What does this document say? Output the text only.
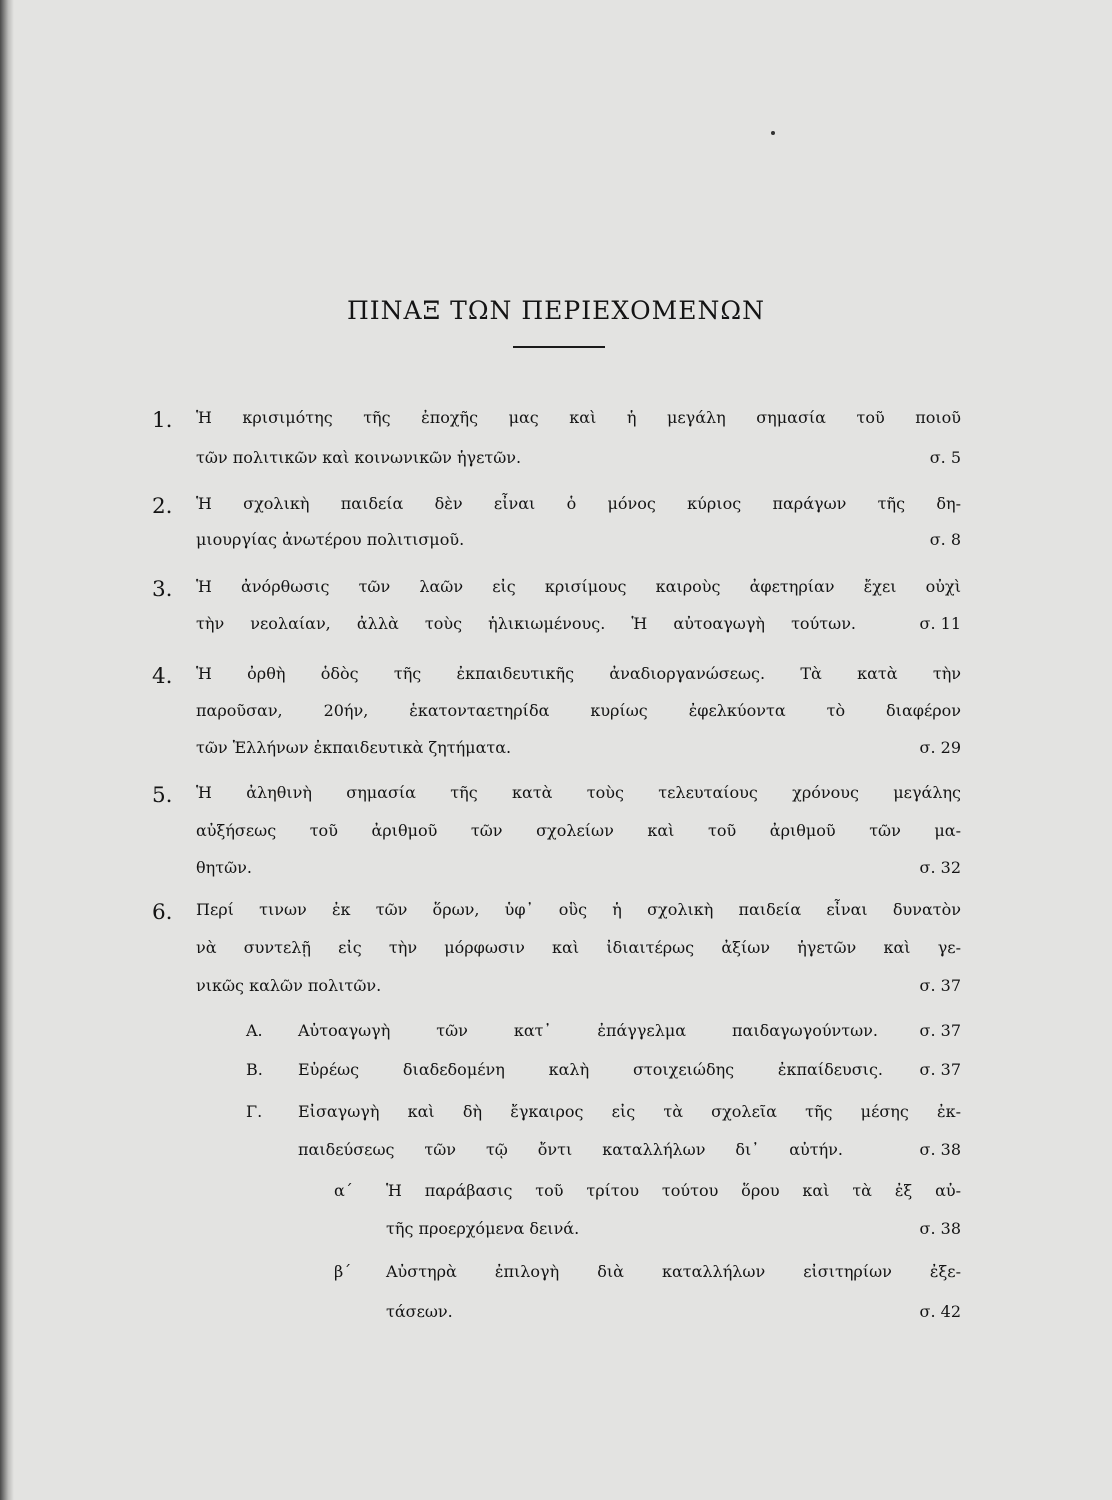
ΠΙΝΑΞ ΤΩΝ ΠΕΡΙΕΧΟΜΕΝΩΝ
1.	Ἡ κρισιμότης τῆς ἐποχῆς μας καὶ ἡ μεγάλη σημασία τοῦ ποιοῦ
τῶν πολιτικῶν καὶ κοινωνικῶν ἡγετῶν.	σ. 5
2.	Ἡ σχολικὴ παιδεία δὲν εἶναι ὁ μόνος κύριος παράγων τῆς δη-
μιουργίας ἀνωτέρου πολιτισμοῦ.	σ. 8
3.	Ἡ ἀνόρθωσις τῶν λαῶν εἰς κρισίμους καιροὺς ἀφετηρίαν ἔχει οὐχὶ
τὴν νεολαίαν, ἀλλὰ τοὺς ἡλικιωμένους. Ἡ αὐτοαγωγὴ τούτων.	σ. 11
4.	Ἡ ὀρθὴ ὁδὸς τῆς ἐκπαιδευτικῆς ἀναδιοργανώσεως. Τὰ κατὰ τὴν
παροῦσαν, 20ήν, ἑκατονταετηρίδα κυρίως ἐφελκύοντα τὸ διαφέρον
τῶν Ἑλλήνων ἐκπαιδευτικὰ ζητήματα.	σ. 29
5.	Ἡ ἀληθινὴ σημασία τῆς κατὰ τοὺς τελευταίους χρόνους μεγάλης
αὐξήσεως τοῦ ἀριθμοῦ τῶν σχολείων καὶ τοῦ ἀριθμοῦ τῶν μα-
θητῶν.	σ. 32
6.	Περί τινων ἐκ τῶν ὅρων, ὑφ᾽ οὓς ἡ σχολικὴ παιδεία εἶναι δυνατὸν
νὰ συντελῇ εἰς τὴν μόρφωσιν καὶ ἰδιαιτέρως ἀξίων ἡγετῶν καὶ γε-
νικῶς καλῶν πολιτῶν.	σ. 37
Α. Αὐτοαγωγὴ τῶν κατ᾽ ἐπάγγελμα παιδαγωγούντων.	σ. 37
Β. Εὐρέως διαδεδομένη καλὴ στοιχειώδης ἐκπαίδευσις. σ. 37
Γ. Εἰσαγωγὴ καὶ δὴ ἔγκαιρος εἰς τὰ σχολεῖα τῆς μέσης ἐκ-
παιδεύσεως τῶν τῷ ὄντι καταλλήλων δι᾽ αὐτήν.	σ. 38
α΄ Ἡ παράβασις τοῦ τρίτου τούτου ὅρου καὶ τὰ ἐξ αὐ-
τῆς προερχόμενα δεινά.	σ. 38
β΄ Αὐστηρὰ ἐπιλογὴ διὰ καταλλήλων εἰσιτηρίων ἐξε-
τάσεων.	σ. 42
